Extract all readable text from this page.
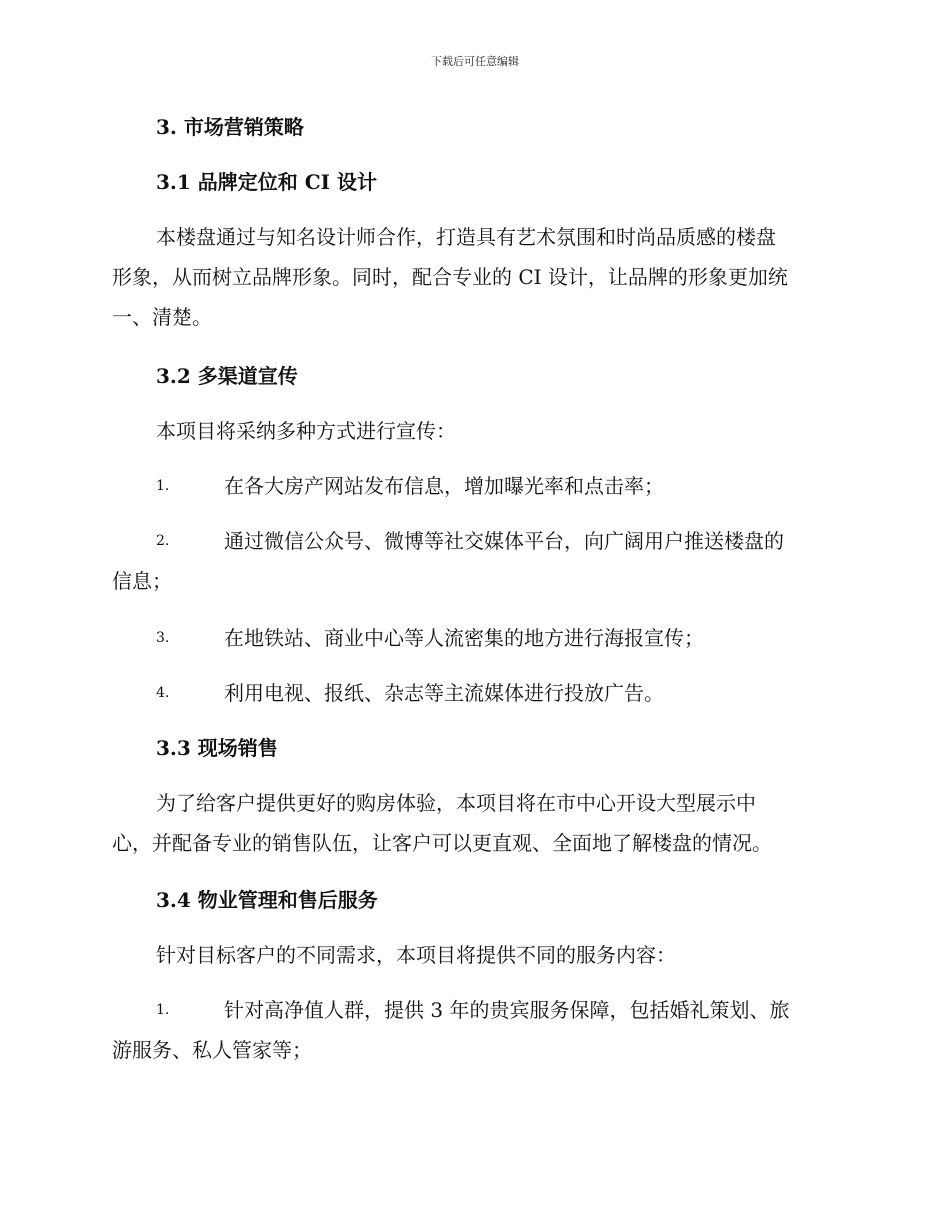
下载后可任意编辑
3. 市场营销策略
3.1 品牌定位和 CI 设计
本楼盘通过与知名设计师合作，打造具有艺术氛围和时尚品质感的楼盘
形象，从而树立品牌形象。同时，配合专业的 CI 设计，让品牌的形象更加统
一、清楚。
3.2 多渠道宣传
本项目将采纳多种方式进行宣传：
1.	在各大房产网站发布信息，增加曝光率和点击率；
2.	通过微信公众号、微博等社交媒体平台，向广阔用户推送楼盘的
信息；
3.	在地铁站、商业中心等人流密集的地方进行海报宣传；
4.	利用电视、报纸、杂志等主流媒体进行投放广告。
3.3 现场销售
为了给客户提供更好的购房体验，本项目将在市中心开设大型展示中
心，并配备专业的销售队伍，让客户可以更直观、全面地了解楼盘的情况。
3.4 物业管理和售后服务
针对目标客户的不同需求，本项目将提供不同的服务内容：
1.	针对高净值人群，提供 3 年的贵宾服务保障，包括婚礼策划、旅
游服务、私人管家等；
